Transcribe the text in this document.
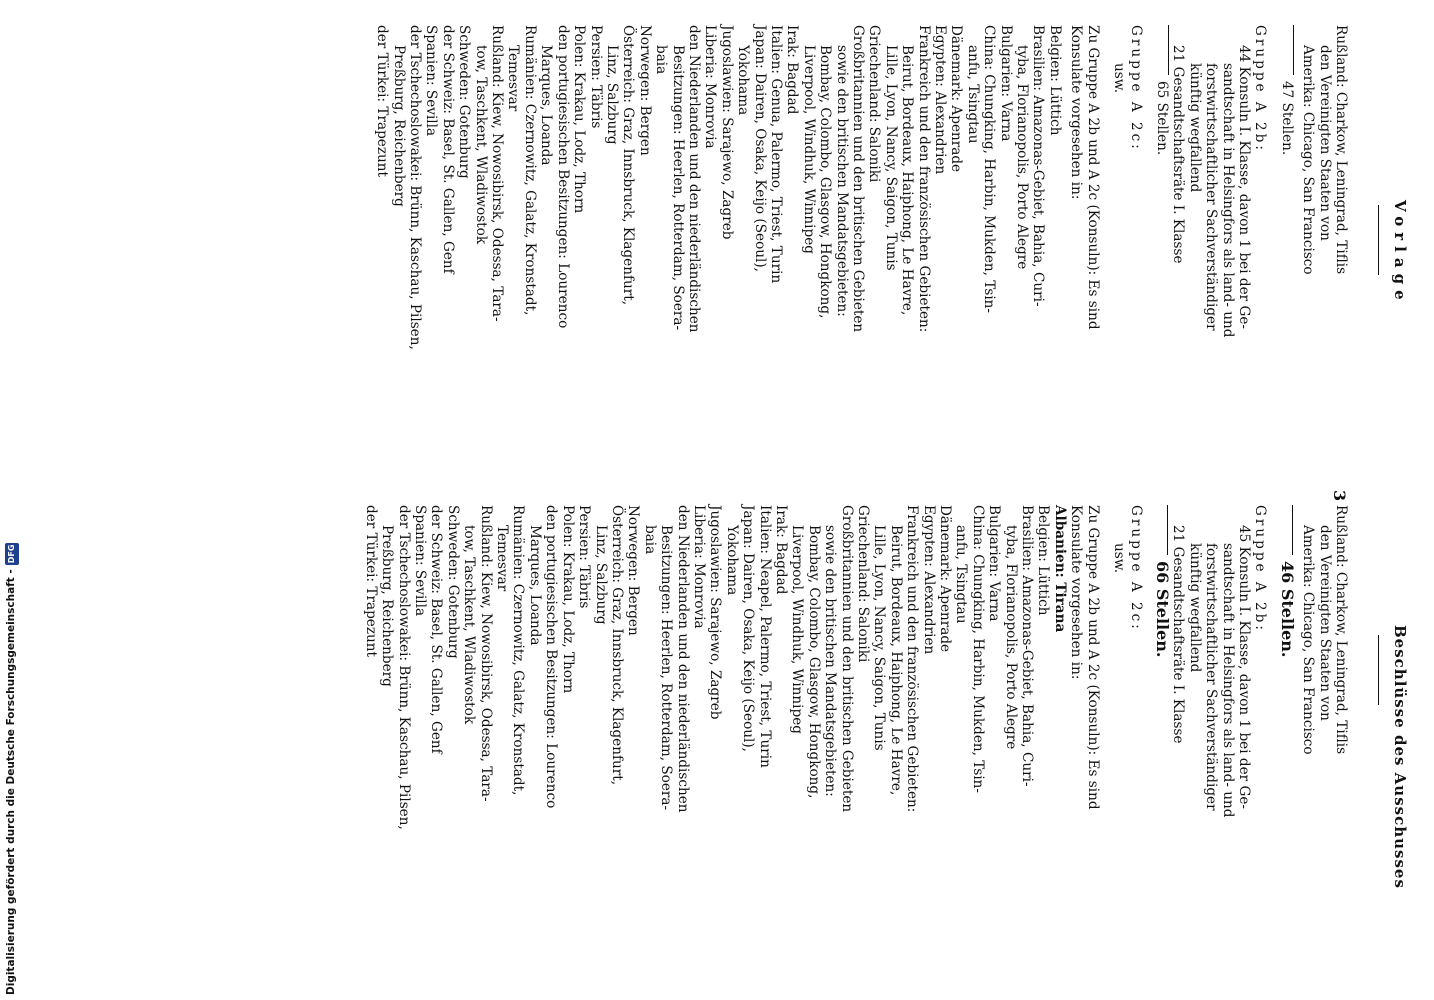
Vorlage
Beschlüsse des Ausschusses
3
Rußland: Charkow, Leningrad, Tiflis
den Vereinigten Staaten von
Amerika: Chicago, San Francisco
47 Stellen.
Gruppe A 2b:
44 Konsuln I. Klasse, davon 1 bei der Ge-
sandtschaft in Helsingfors als land- und
forstwirtschaftlicher Sachverständiger
künftig wegfallend
21 Gesandtschaftsräte I. Klasse
65 Stellen.
Gruppe A 2c:
usw.
Zu Gruppe A 2b und A 2c (Konsuln): Es sind
Konsulate vorgesehen in:
Belgien: Lüttich
Brasilien: Amazonas-Gebiet, Bahia, Curi-
tyba, Florianopolis, Porto Alegre
Bulgarien: Varna
China: Chungking, Harbin, Mukden, Tsin-
anfu, Tsingtau
Dänemark: Apenrade
Egypten: Alexandrien
Frankreich und den französischen Gebieten:
Beirut, Bordeaux, Haiphong, Le Havre,
Lille, Lyon, Nancy, Saigon, Tunis
Griechenland: Saloniki
Großbritannien und den britischen Gebieten
sowie den britischen Mandatsgebieten:
Bombay, Colombo, Glasgow, Hongkong,
Liverpool, Windhuk, Winnipeg
Irak: Bagdad
Italien: Genua, Palermo, Triest, Turin
Japan: Dairen, Osaka, Keijo (Seoul),
Yokohama
Jugoslawien: Sarajewo, Zagreb
Liberia: Monrovia
den Niederlanden und den niederländischen
Besitzungen: Heerlen, Rotterdam, Soera-
baia
Norwegen: Bergen
Österreich: Graz, Innsbruck, Klagenfurt,
Linz, Salzburg
Persien: Täbris
Polen: Krakau, Lodz, Thorn
den portugiesischen Besitzungen: Lourenco
Marques, Loanda
Rumänien: Czernowitz, Galatz, Kronstadt,
Temesvar
Rußland: Kiew, Nowosibirsk, Odessa, Tara-
tow, Taschkent, Wladiwostok
Schweden: Gotenburg
der Schweiz: Basel, St. Gallen, Genf
Spanien: Sevilla
der Tschechoslowakei: Brünn, Kaschau, Pilsen,
Preßburg, Reichenberg
der Türkei: Trapezunt
Rußland: Charkow, Leningrad, Tiflis
den Vereinigten Staaten von
Amerika: Chicago, San Francisco
46 Stellen.
Gruppe A 2b:
45 Konsuln I. Klasse, davon 1 bei der Ge-
sandtschaft in Helsingfors als land- und
forstwirtschaftlicher Sachverständiger
künftig wegfallend
21 Gesandtschaftsräte I. Klasse
66 Stellen.
Gruppe A 2c:
usw.
Zu Gruppe A 2b und A 2c (Konsuln): Es sind
Konsulate vorgesehen in:
Albanien: Tirana
Belgien: Lüttich
Brasilien: Amazonas-Gebiet, Bahia, Curi-
tyba, Florianopolis, Porto Alegre
Bulgarien: Varna
China: Chungking, Harbin, Mukden, Tsin-
anfu, Tsingtau
Dänemark: Apenrade
Egypten: Alexandrien
Frankreich und den französischen Gebieten:
Beirut, Bordeaux, Haiphong, Le Havre,
Lille, Lyon, Nancy, Saigon, Tunis
Griechenland: Saloniki
Großbritannien und den britischen Gebieten
sowie den britischen Mandatsgebieten:
Bombay, Colombo, Glasgow, Hongkong,
Liverpool, Windhuk, Winnipeg
Irak: Bagdad
Italien: Neapel, Palermo, Triest, Turin
Japan: Dairen, Osaka, Keijo (Seoul),
Yokohama
Jugoslawien: Sarajewo, Zagreb
Liberia: Monrovia
den Niederlanden und den niederländischen
Besitzungen: Heerlen, Rotterdam, Soera-
baia
Norwegen: Bergen
Österreich: Graz, Innsbruck, Klagenfurt,
Linz, Salzburg
Persien: Täbris
Polen: Krakau, Lodz, Thorn
den portugiesischen Besitzungen: Lourenco
Marques, Loanda
Rumänien: Czernowitz, Galatz, Kronstadt,
Temesvar
Rußland: Kiew, Nowosibirsk, Odessa, Tara-
tow, Taschkent, Wladiwostok
Schweden: Gotenburg
der Schweiz: Basel, St. Gallen, Genf
Spanien: Sevilla
der Tschechoslowakei: Brünn, Kaschau, Pilsen,
Preßburg, Reichenberg
der Türkei: Trapezunt
Digitalisierung gefördert durch die Deutsche Forschungsgemeinschaft -DFG
